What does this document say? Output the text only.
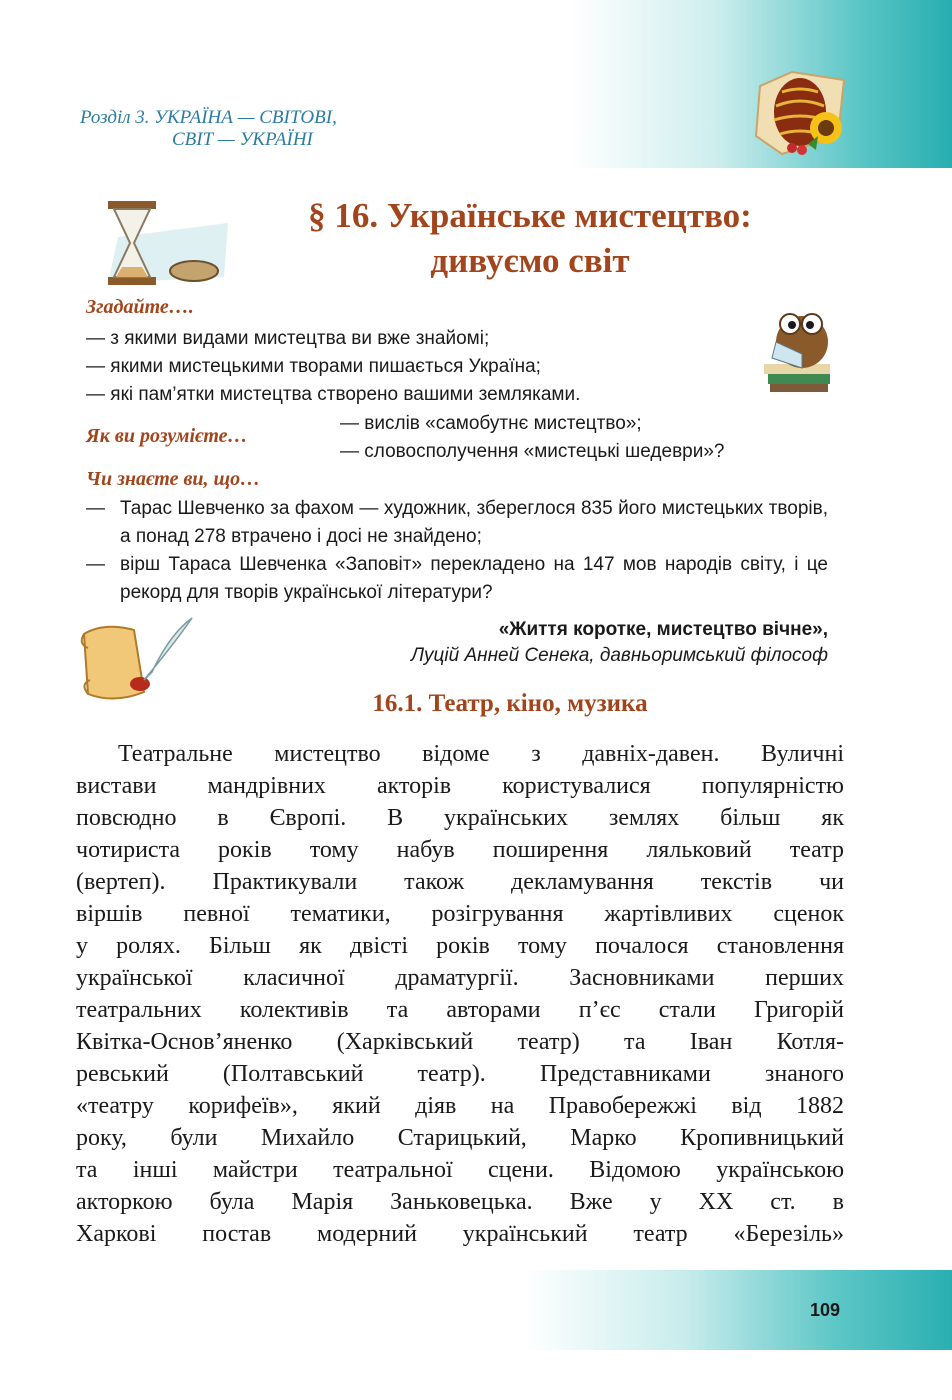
Розділ 3. УКРАЇНА — СВІТОВІ,
СВІТ — УКРАЇНІ
§ 16. Українське мистецтво:
дивуємо світ
Згадайте….
— з якими видами мистецтва ви вже знайомі;
— якими мистецькими творами пишається Україна;
— які пам’ятки мистецтва створено вашими земляками.
Як ви розумієте…
— вислів «самобутнє мистецтво»;
— словосполучення «мистецькі шедеври»?
Чи знаєте ви, що…
— Тарас Шевченко за фахом — художник, збереглося 835 його мистецьких творів, а понад 278 втрачено і досі не знайдено;
— вірш Тараса Шевченка «Заповіт» перекладено на 147 мов народів світу, і це рекорд для творів української літератури?
«Життя коротке, мистецтво вічне»,
Луцій Анней Сенека, давньоримський філософ
16.1. Театр, кіно, музика
Театральне мистецтво відоме з давніх-давен. Вуличні
вистави мандрівних акторів користувалися популярністю
повсюдно в Європі. В українських землях більш як
чотириста років тому набув поширення ляльковий театр
(вертеп). Практикували також декламування текстів чи
віршів певної тематики, розігрування жартівливих сценок
у ролях. Більш як двісті років тому почалося становлення
української класичної драматургії. Засновниками перших
театральних колективів та авторами п’єс стали Григорій
Квітка-Основ’яненко (Харківський театр) та Іван Котля-
ревський (Полтавський театр). Представниками знаного
«театру корифеїв», який діяв на Правобережжі від 1882
року, були Михайло Старицький, Марко Кропивницький
та інші майстри театральної сцени. Відомою українською
акторкою була Марія Заньковецька. Вже у ХХ ст. в
Харкові постав модерний український театр «Березіль»
109
